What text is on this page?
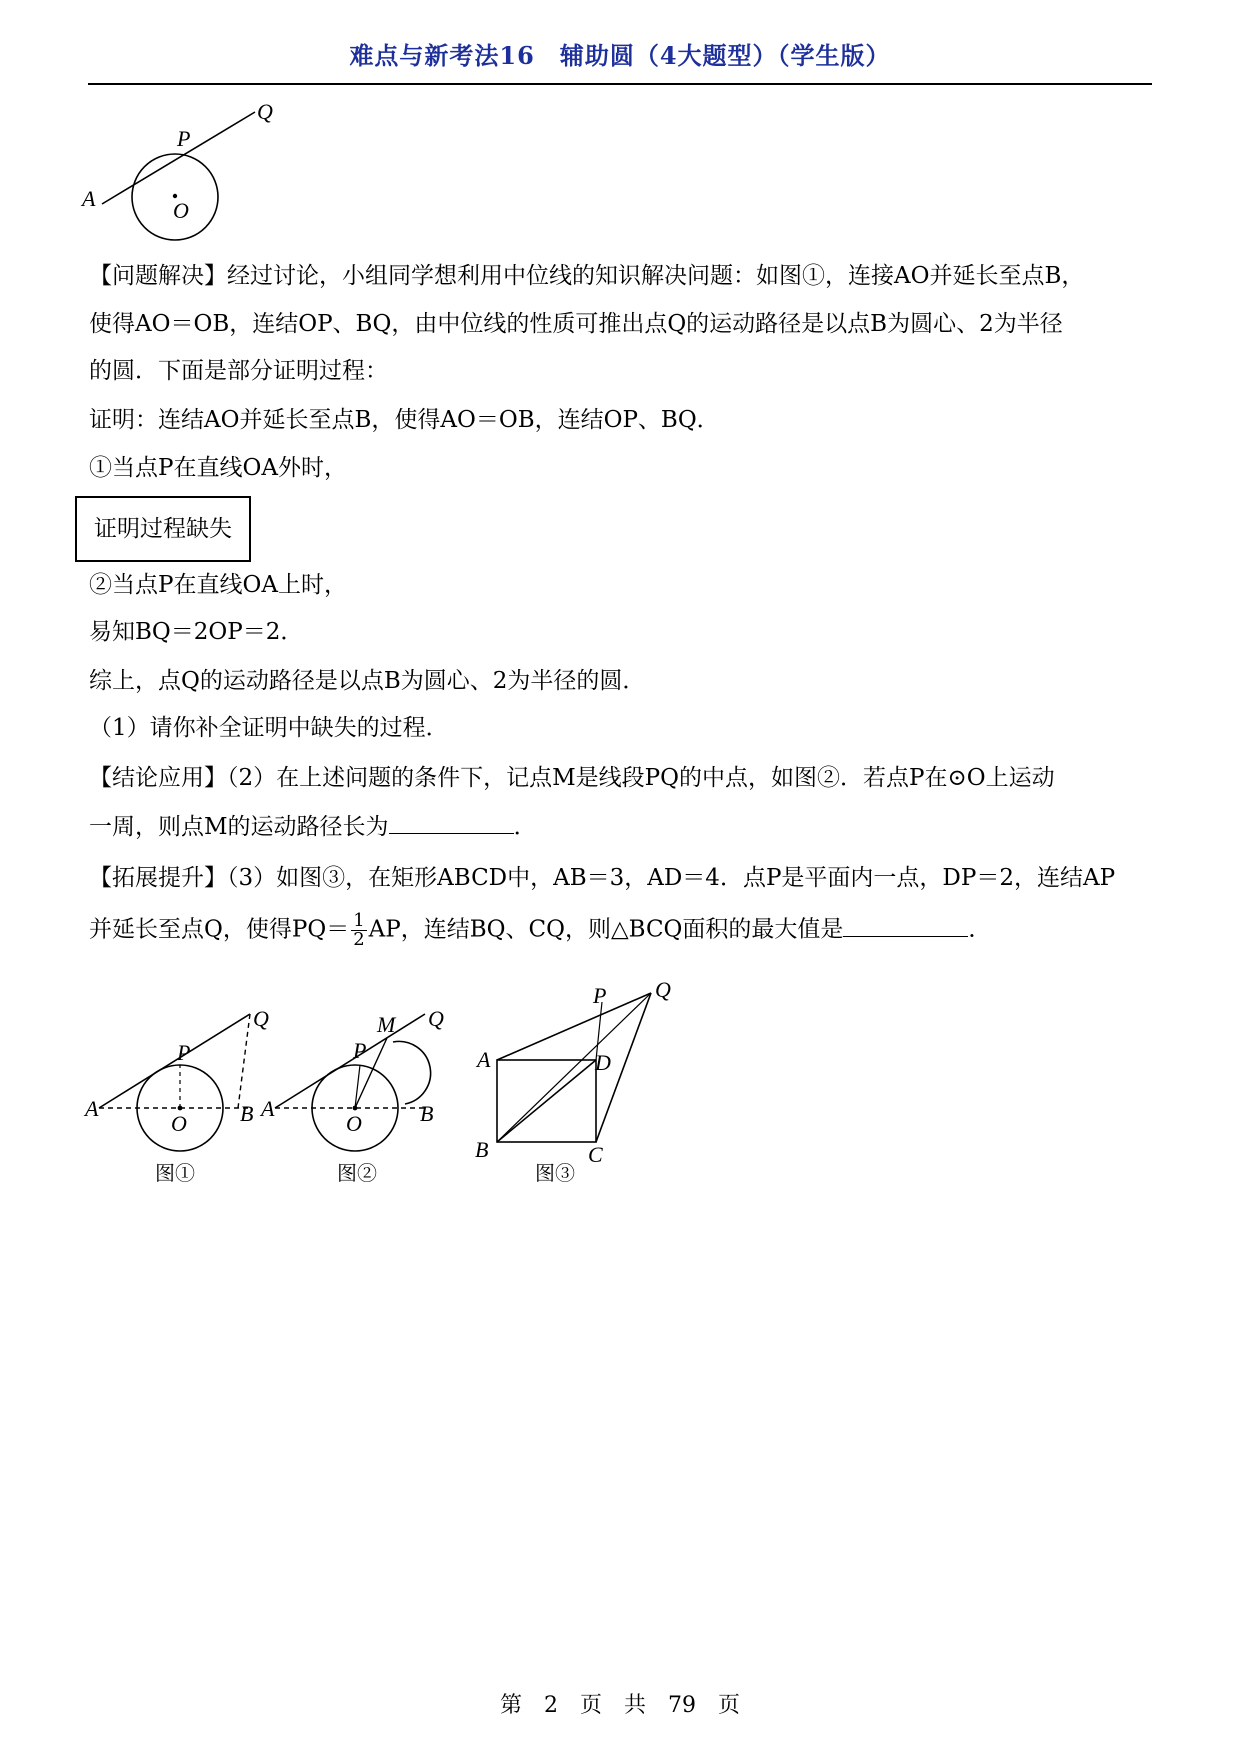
难点与新考法16　辅助圆（4大题型）（学生版）
A
P
Q
O
【问题解决】经过讨论，小组同学想利用中位线的知识解决问题：如图①，连接AO并延长至点B，
使得AO＝OB，连结OP、BQ，由中位线的性质可推出点Q的运动路径是以点B为圆心、2为半径
的圆．下面是部分证明过程：
证明：连结AO并延长至点B，使得AO＝OB，连结OP、BQ．
①当点P在直线OA外时，
证明过程缺失
②当点P在直线OA上时，
易知BQ＝2OP＝2．
综上，点Q的运动路径是以点B为圆心、2为半径的圆．
（1）请你补全证明中缺失的过程．
【结论应用】（2）在上述问题的条件下，记点M是线段PQ的中点，如图②．若点P在⊙O上运动
一周，则点M的运动路径长为	．
【拓展提升】（3）如图③，在矩形ABCD中，AB＝3，AD＝4．点P是平面内一点，DP＝2，连结AP
并延长至点Q，使得$PQ= \frac{1}{2}$ AP，连结BQ、CQ，则△BCQ面积的最大值是	．
A
P
Q
O B
图①
A
P
M Q
O	B
图②
A	D
B	C
P Q
图③
第　2　页　共　79　页
